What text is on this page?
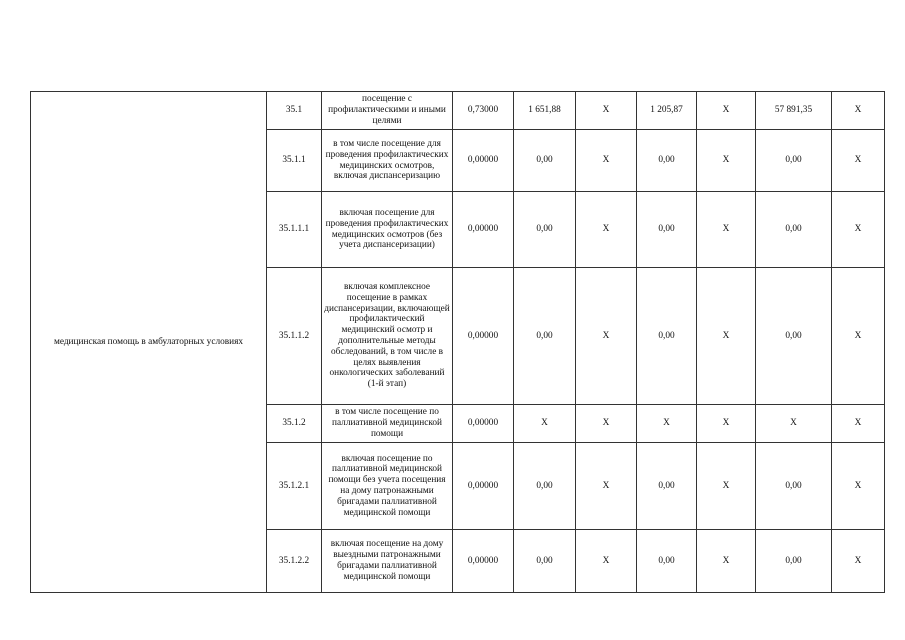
медицинская помощь в амбулаторных условиях	35.1	посещение с профилактическими и иными целями	0,73000	1 651,88	Х	1 205,87	Х	57 891,35	Х
	35.1.1	в том числе посещение для проведения профилактических медицинских осмотров, включая диспансеризацию	0,00000	0,00	Х	0,00	Х	0,00	Х
	35.1.1.1	включая посещение для проведения профилактических медицинских осмотров (без учета диспансеризации)	0,00000	0,00	Х	0,00	Х	0,00	Х
	35.1.1.2	включая комплексное посещение в рамках диспансеризации, включающей профилактический медицинский осмотр и дополнительные методы обследований, в том числе в целях выявления онкологических заболеваний (1-й этап)	0,00000	0,00	Х	0,00	Х	0,00	Х
	35.1.2	в том числе посещение по паллиативной медицинской помощи	0,00000	Х	Х	Х	Х	Х	Х
	35.1.2.1	включая посещение по паллиативной медицинской помощи без учета посещения на дому патронажными бригадами паллиативной медицинской помощи	0,00000	0,00	Х	0,00	Х	0,00	Х
	35.1.2.2	включая посещение на дому выездными патронажными бригадами паллиативной медицинской помощи	0,00000	0,00	Х	0,00	Х	0,00	Х
